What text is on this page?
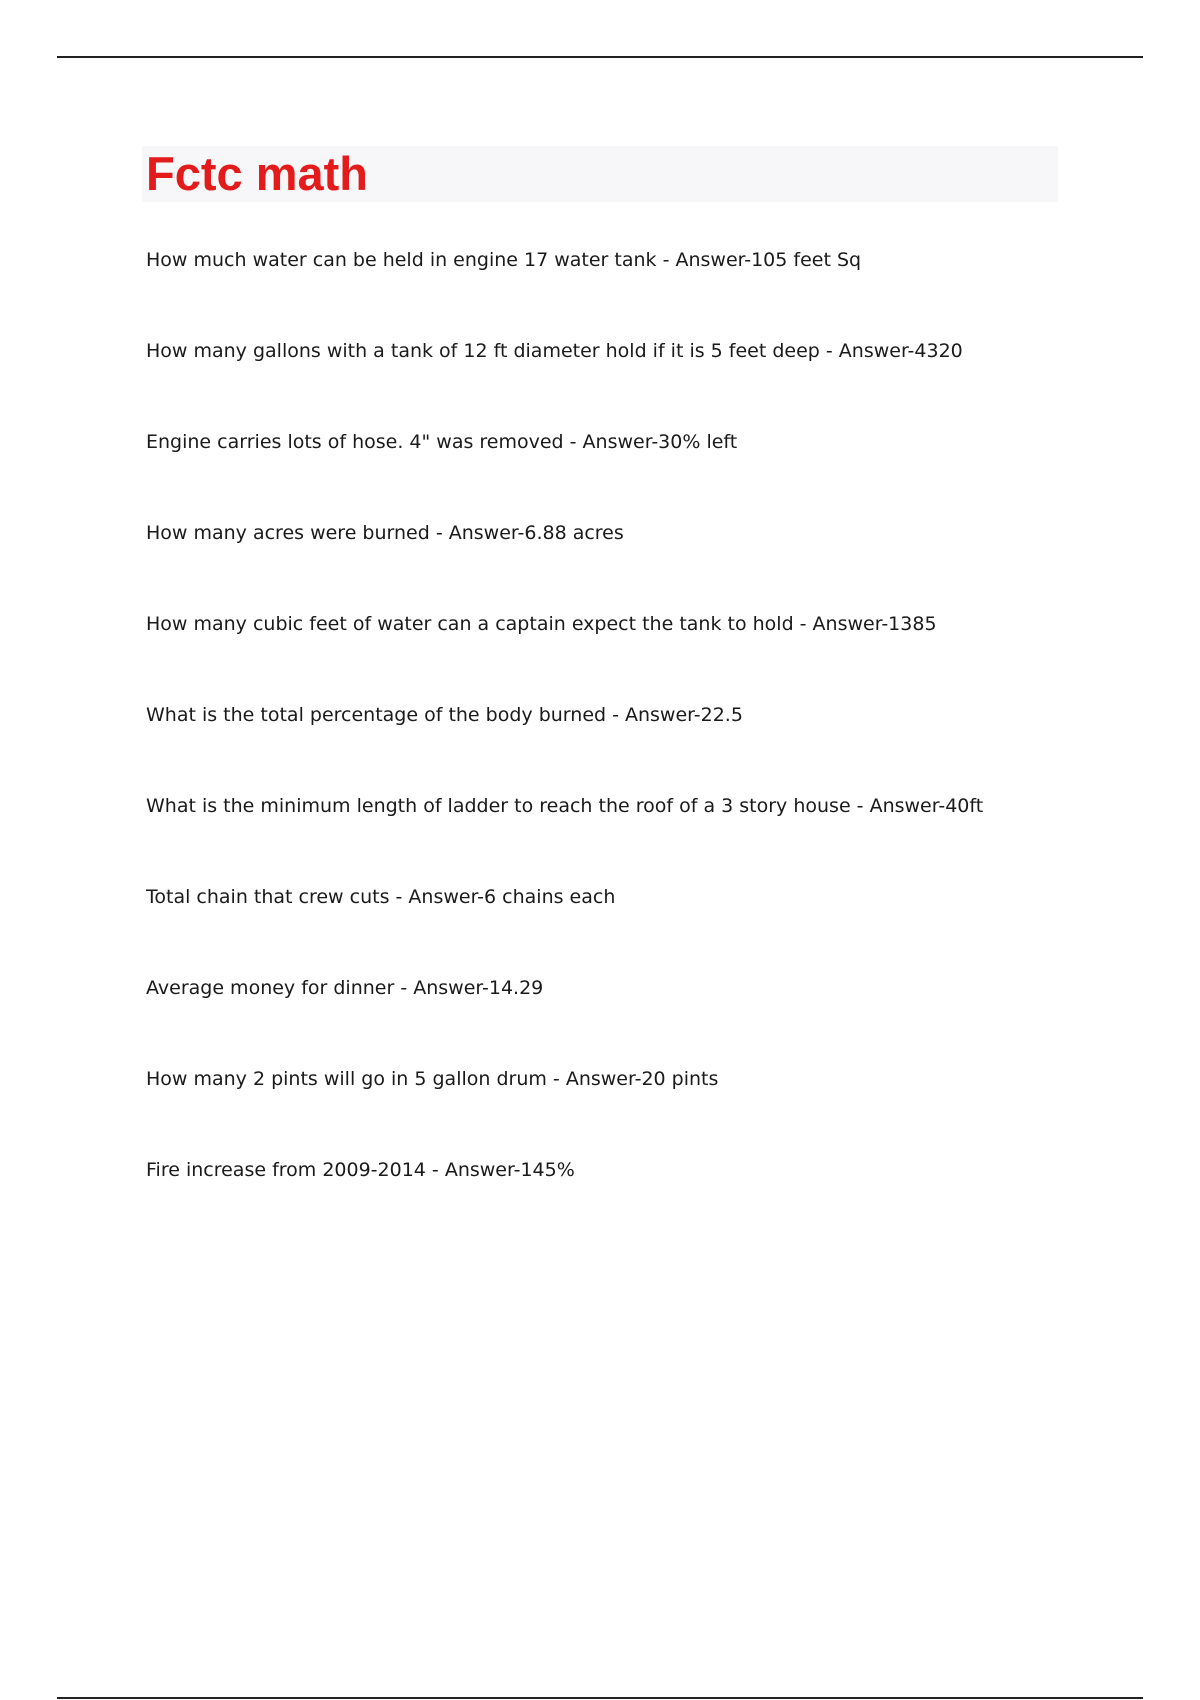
Fctc math
How much water can be held in engine 17 water tank - Answer-105 feet Sq
How many gallons with a tank of 12 ft diameter hold if it is 5 feet deep - Answer-4320
Engine carries lots of hose. 4" was removed - Answer-30% left
How many acres were burned - Answer-6.88 acres
How many cubic feet of water can a captain expect the tank to hold - Answer-1385
What is the total percentage of the body burned - Answer-22.5
What is the minimum length of ladder to reach the roof of a 3 story house - Answer-40ft
Total chain that crew cuts - Answer-6 chains each
Average money for dinner - Answer-14.29
How many 2 pints will go in 5 gallon drum - Answer-20 pints
Fire increase from 2009-2014 - Answer-145%
